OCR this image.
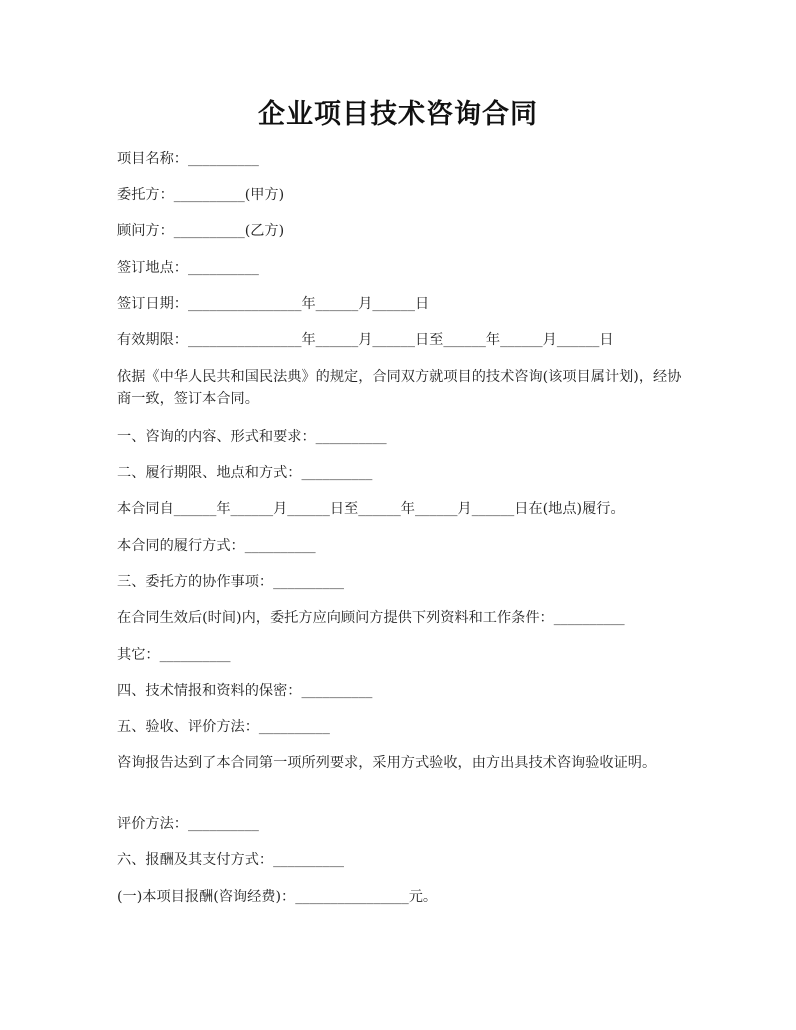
企业项目技术咨询合同
项目名称：__________
委托方：__________(甲方)
顾问方：__________(乙方)
签订地点：__________
签订日期：________________年______月______日
有效期限：________________年______月______日至______年______月______日
依据《中华人民共和国民法典》的规定，合同双方就项目的技术咨询(该项目属计划)，经协商一致，签订本合同。
一、咨询的内容、形式和要求：__________
二、履行期限、地点和方式：__________
本合同自______年______月______日至______年______月______日在(地点)履行。
本合同的履行方式：__________
三、委托方的协作事项：__________
在合同生效后(时间)内，委托方应向顾问方提供下列资料和工作条件：__________
其它：__________
四、技术情报和资料的保密：__________
五、验收、评价方法：__________
咨询报告达到了本合同第一项所列要求，采用方式验收，由方出具技术咨询验收证明。
评价方法：__________
六、报酬及其支付方式：__________
(一)本项目报酬(咨询经费)：________________元。
